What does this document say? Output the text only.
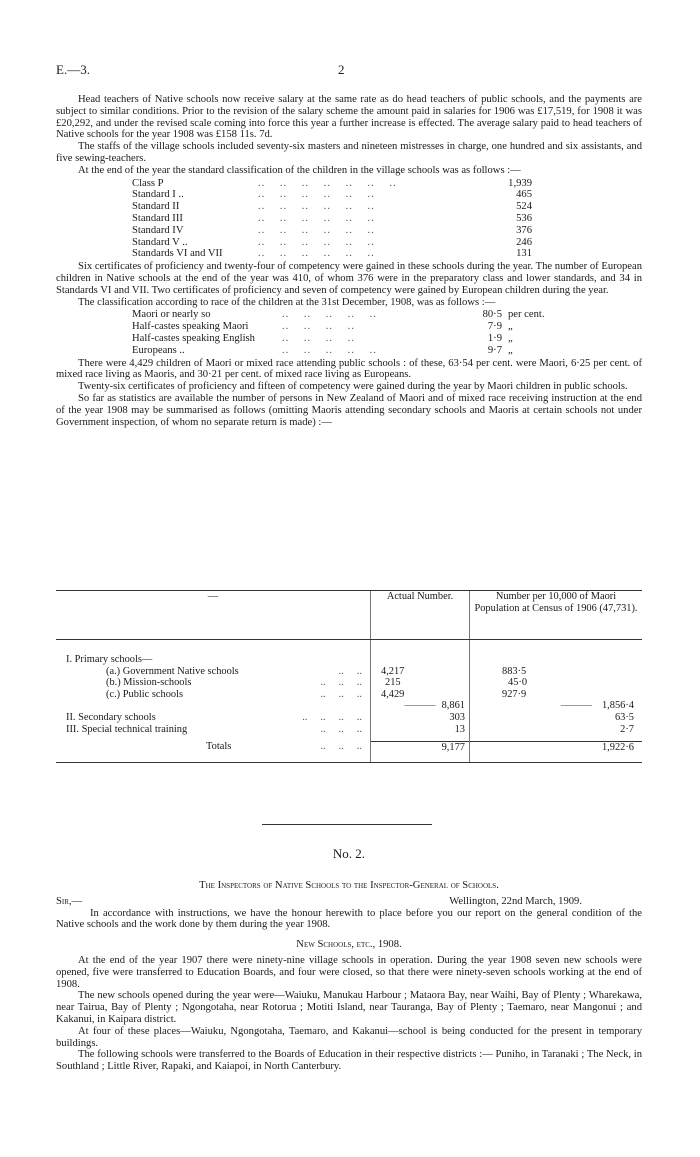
E.—3.	2

Head teachers of Native schools now receive salary at the same rate as do head teachers of public schools, and the payments are subject to similar conditions. Prior to the revision of the salary scheme the amount paid in salaries for 1906 was £17,519, for 1908 it was £20,292, and under the revised scale coming into force this year a further increase is effected. The average salary paid to head teachers of Native schools for the year 1908 was £158 11s. 7d.

The staffs of the village schools included seventy-six masters and nineteen mistresses in charge, one hundred and six assistants, and five sewing-teachers.

At the end of the year the standard classification of the children in the village schools was as follows :—

Class P	..    ..    ..    ..    ..    ..    ..	1,939
Standard I ..	..    ..    ..    ..    ..    ..	465
Standard II	..    ..    ..    ..    ..    ..	524
Standard III	..    ..    ..    ..    ..    ..	536
Standard IV	..    ..    ..    ..    ..    ..	376
Standard V ..	..    ..    ..    ..    ..    ..	246
Standards VI and VII	..    ..    ..    ..    ..    ..	131

Six certificates of proficiency and twenty-four of competency were gained in these schools during the year. The number of European children in Native schools at the end of the year was 410, of whom 376 were in the preparatory class and lower standards, and 34 in Standards VI and VII. Two certificates of proficiency and seven of competency were gained by European children during the year.

The classification according to race of the children at the 31st December, 1908, was as follows :—

Maori or nearly so	..    ..    ..    ..    ..	80·5 per cent.
Half-castes speaking Maori	..    ..    ..    ..	7·9 „
Half-castes speaking English	..    ..    ..    ..	1·9 „
Europeans ..	..    ..    ..    ..    ..	9·7 „

There were 4,429 children of Maori or mixed race attending public schools : of these, 63·54 per cent. were Maori, 6·25 per cent. of mixed race living as Maoris, and 30·21 per cent. of mixed race living as Europeans.

Twenty-six certificates of proficiency and fifteen of competency were gained during the year by Maori children in public schools.

So far as statistics are available the number of persons in New Zealand of Maori and of mixed race receiving instruction at the end of the year 1908 may be summarised as follows (omitting Maoris attending secondary schools and Maoris at certain schools not under Government inspection, of whom no separate return is made) :—

—	Actual Number.	Number per 10,000 of Maori Population at Census of 1906 (47,731).

I. Primary schools—		
(a.) Government Native schools ..     ..	4,217	883·5
(b.) Mission-schools ..     ..     ..	215	45·0
(c.) Public schools ..     ..     ..	4,429	927·9
	——— 8,861	——— 1,856·4
II. Secondary schools ..     ..     ..     ..	303	63·5
III. Special technical training ..     ..     ..	13	2·7

Totals ..     ..     ..	9,177	1,922·6
No. 2.

The Inspectors of Native Schools to the Inspector-General of Schools.

Sir,—	Wellington, 22nd March, 1909.

In accordance with instructions, we have the honour herewith to place before you our report on the general condition of the Native schools and the work done by them during the year 1908.

New Schools, etc., 1908.

At the end of the year 1907 there were ninety-nine village schools in operation. During the year 1908 seven new schools were opened, five were transferred to Education Boards, and four were closed, so that there were ninety-seven schools working at the end of 1908.

The new schools opened during the year were—Waiuku, Manukau Harbour ; Mataora Bay, near Waihi, Bay of Plenty ; Wharekawa, near Tairua, Bay of Plenty ; Ngongotaha, near Rotorua ; Motiti Island, near Tauranga, Bay of Plenty ; Taemaro, near Mangonui ; and Kakanui, in Kaipara district.

At four of these places—Waiuku, Ngongotaha, Taemaro, and Kakanui—school is being conducted for the present in temporary buildings.

The following schools were transferred to the Boards of Education in their respective districts :— Puniho, in Taranaki ; The Neck, in Southland ; Little River, Rapaki, and Kaiapoi, in North Canterbury.
